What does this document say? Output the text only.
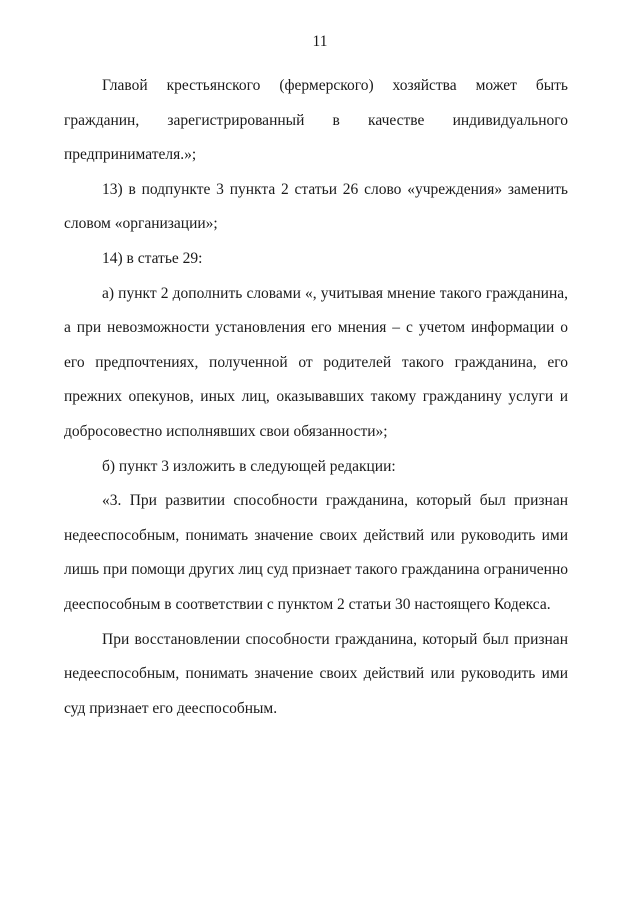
11

Главой крестьянского (фермерского) хозяйства может быть гражданин, зарегистрированный в качестве индивидуального предпринимателя.»;

13) в подпункте 3 пункта 2 статьи 26 слово «учреждения» заменить словом «организации»;

14) в статье 29:

а) пункт 2 дополнить словами «, учитывая мнение такого гражданина, а при невозможности установления его мнения – с учетом информации о его предпочтениях, полученной от родителей такого гражданина, его прежних опекунов, иных лиц, оказывавших такому гражданину услуги и добросовестно исполнявших свои обязанности»;

б) пункт 3 изложить в следующей редакции:

«3. При развитии способности гражданина, который был признан недееспособным, понимать значение своих действий или руководить ими лишь при помощи других лиц суд признает такого гражданина ограниченно дееспособным в соответствии с пунктом 2 статьи 30 настоящего Кодекса.

При восстановлении способности гражданина, который был признан недееспособным, понимать значение своих действий или руководить ими суд признает его дееспособным.
